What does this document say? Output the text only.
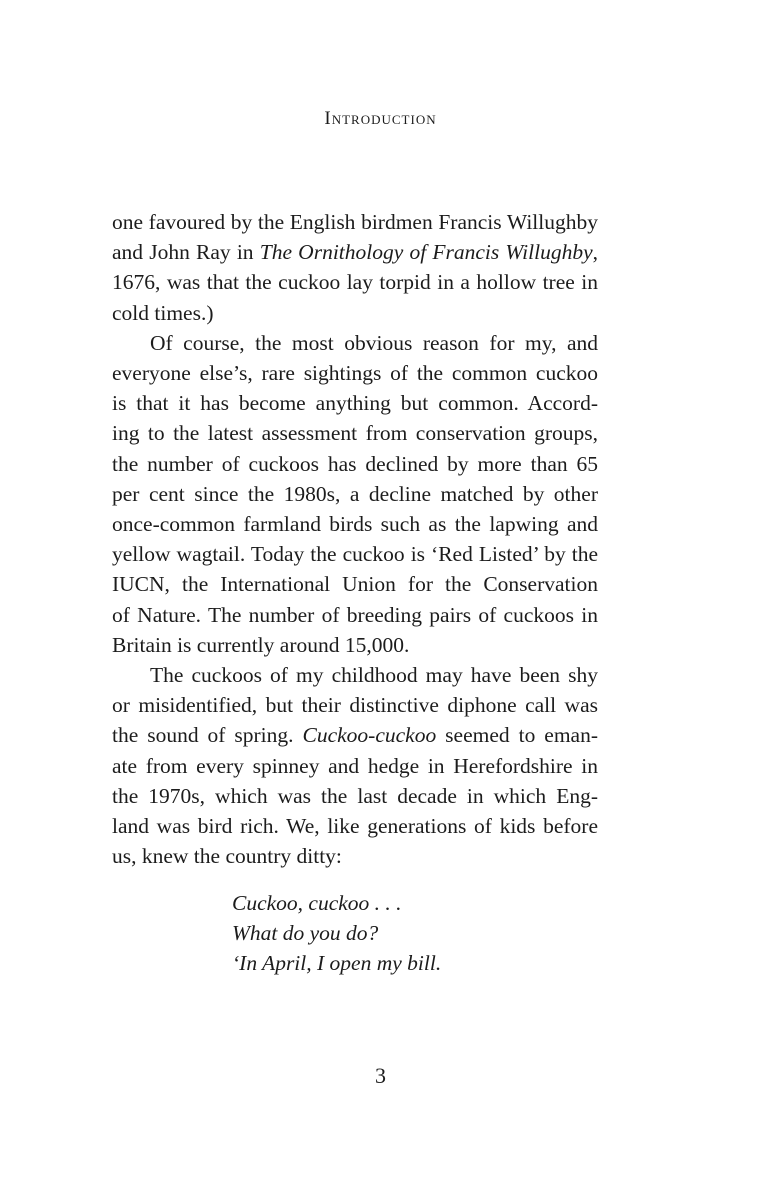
Introduction

one favoured by the English birdmen Francis Willughby
and John Ray in The Ornithology of Francis Willughby,
1676, was that the cuckoo lay torpid in a hollow tree in
cold times.)

Of course, the most obvious reason for my, and
everyone else’s, rare sightings of the common cuckoo
is that it has become anything but common. Accord-
ing to the latest assessment from conservation groups,
the number of cuckoos has declined by more than 65
per cent since the 1980s, a decline matched by other
once-common farmland birds such as the lapwing and
yellow wagtail. Today the cuckoo is ‘Red Listed’ by the
IUCN, the International Union for the Conservation
of Nature. The number of breeding pairs of cuckoos in
Britain is currently around 15,000.

The cuckoos of my childhood may have been shy
or misidentified, but their distinctive diphone call was
the sound of spring. Cuckoo-cuckoo seemed to eman-
ate from every spinney and hedge in Herefordshire in
the 1970s, which was the last decade in which Eng-
land was bird rich. We, like generations of kids before
us, knew the country ditty:

Cuckoo, cuckoo . . .
What do you do?
‘In April, I open my bill.
3
